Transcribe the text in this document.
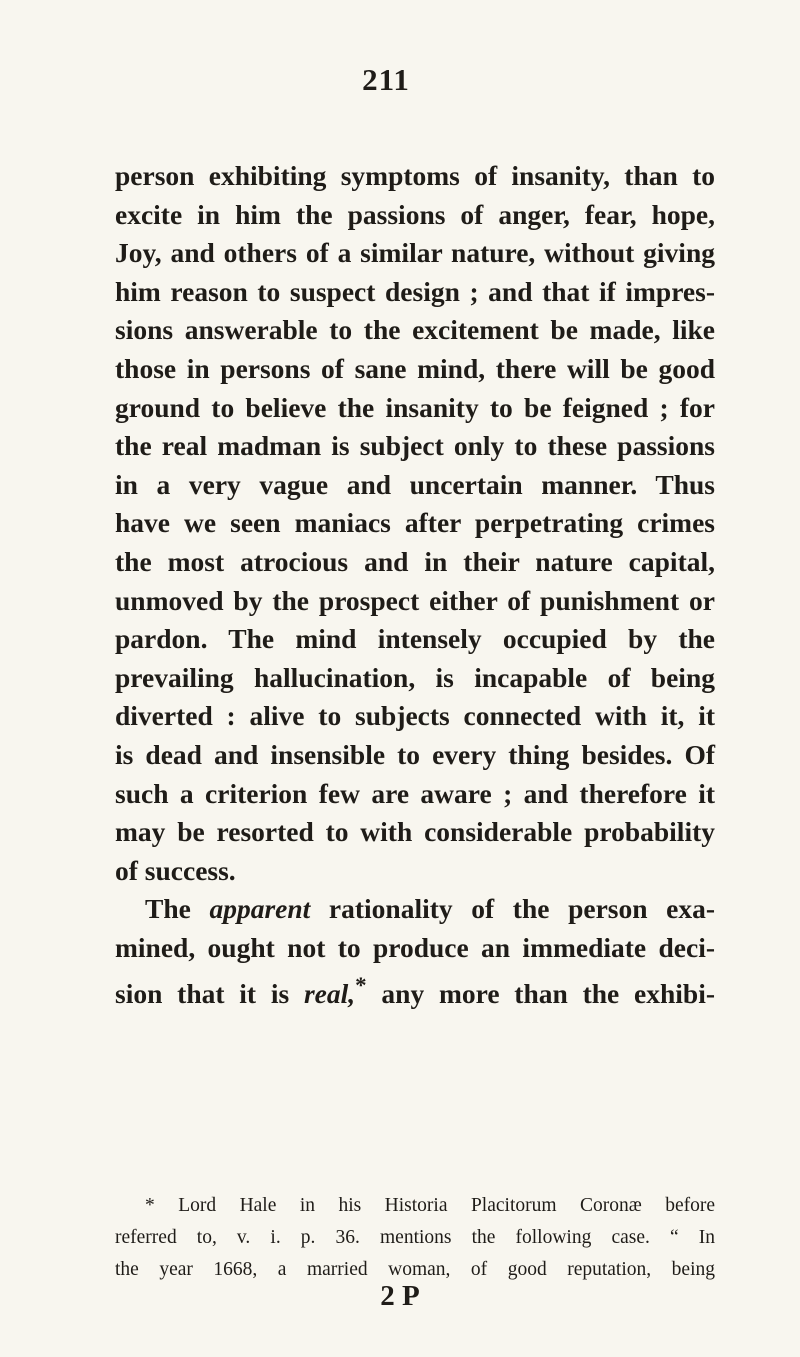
211
person exhibiting symptoms of insanity, than to
excite in him the passions of anger, fear, hope,
Joy, and others of a similar nature, without giving
him reason to suspect design ; and that if impres-
sions answerable to the excitement be made, like
those in persons of sane mind, there will be good
ground to believe the insanity to be feigned ; for
the real madman is subject only to these passions
in a very vague and uncertain manner. Thus
have we seen maniacs after perpetrating crimes
the most atrocious and in their nature capital,
unmoved by the prospect either of punishment or
pardon. The mind intensely occupied by the
prevailing hallucination, is incapable of being
diverted : alive to subjects connected with it, it
is dead and insensible to every thing besides. Of
such a criterion few are aware ; and therefore it
may be resorted to with considerable probability
of success.
The apparent rationality of the person exa-
mined, ought not to produce an immediate deci-
sion that it is real,* any more than the exhibi-
* Lord Hale in his Historia Placitorum Coronæ before
referred to, v. i. p. 36. mentions the following case. “ In
the year 1668, a married woman, of good reputation, being
2 P
